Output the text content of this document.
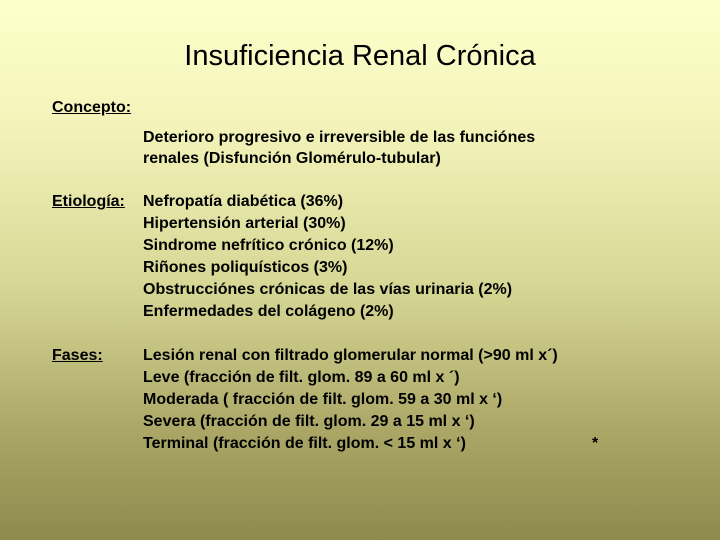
Insuficiencia Renal Crónica
Concepto:
Deterioro progresivo e irreversible de las funciónes
renales (Disfunción Glomérulo-tubular)
Etiología: Nefropatía diabética (36%)
Hipertensión arterial (30%)
Sindrome nefrítico crónico (12%)
Riñones poliquísticos (3%)
Obstrucciónes crónicas de las vías urinaria (2%)
Enfermedades del colágeno (2%)
Fases:	Lesión renal con filtrado glomerular normal (>90 ml x´)
Leve (fracción de filt. glom. 89 a 60 ml x ´)
Moderada ( fracción de filt. glom. 59 a 30 ml x ‘)
Severa (fracción de filt. glom. 29 a 15 ml x ‘)
Terminal (fracción de filt. glom. < 15 ml x ‘)	*
